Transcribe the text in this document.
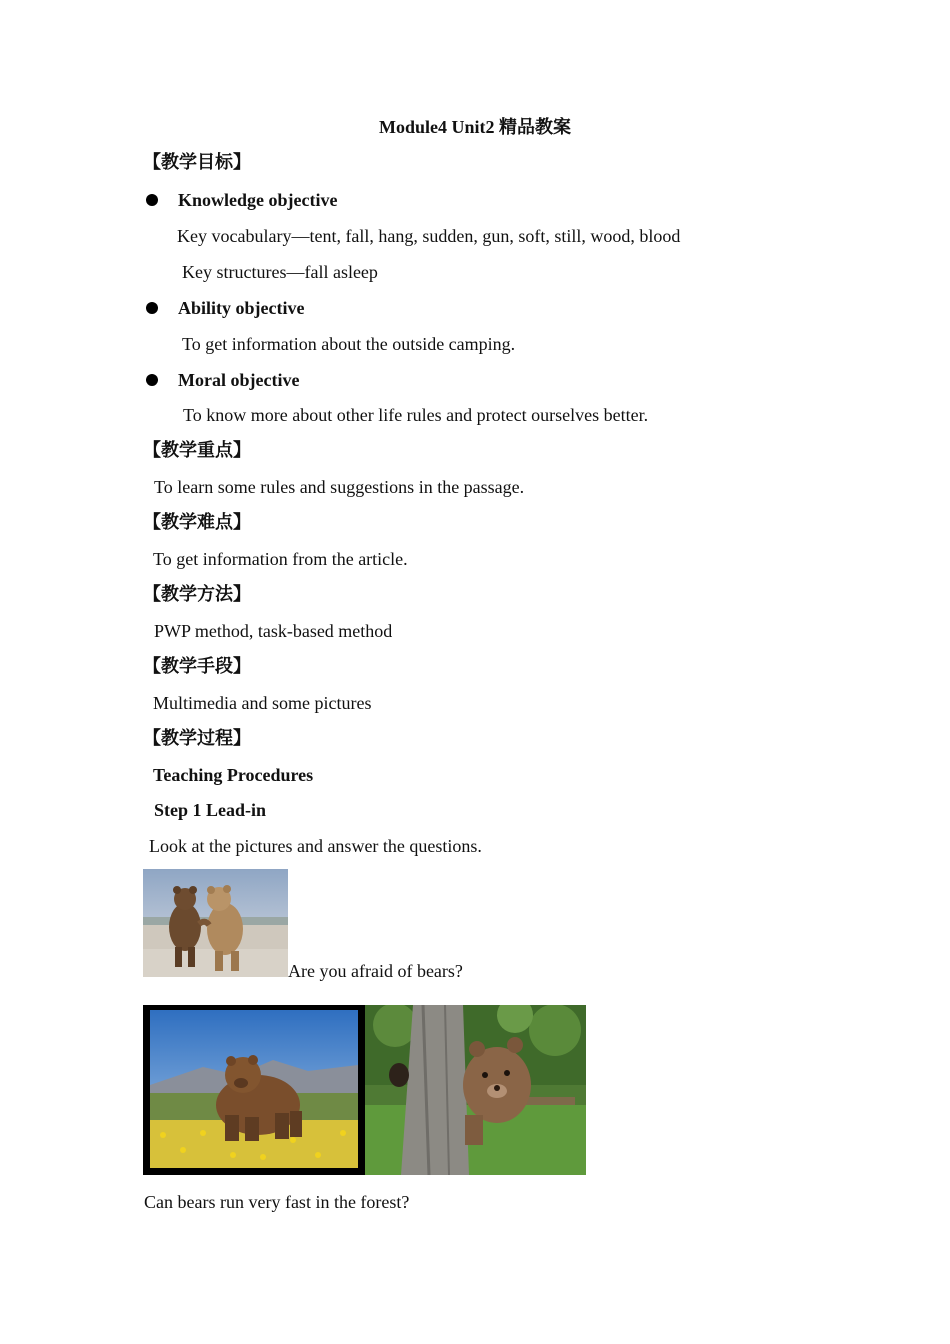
Module4 Unit2 精品教案
【教学目标】
Knowledge objective
Key vocabulary—tent, fall, hang, sudden, gun, soft, still, wood, blood
Key structures—fall asleep
Ability objective
To get information about the outside camping.
Moral objective
To know more about other life rules and protect ourselves better.
【教学重点】
To learn some rules and suggestions in the passage.
【教学难点】
To get information from the article.
【教学方法】
PWP method, task-based method
【教学手段】
Multimedia and some pictures
【教学过程】
Teaching Procedures
Step 1 Lead-in
Look at the pictures and answer the questions.
Are you afraid of bears?
Can bears run very fast in the forest?
